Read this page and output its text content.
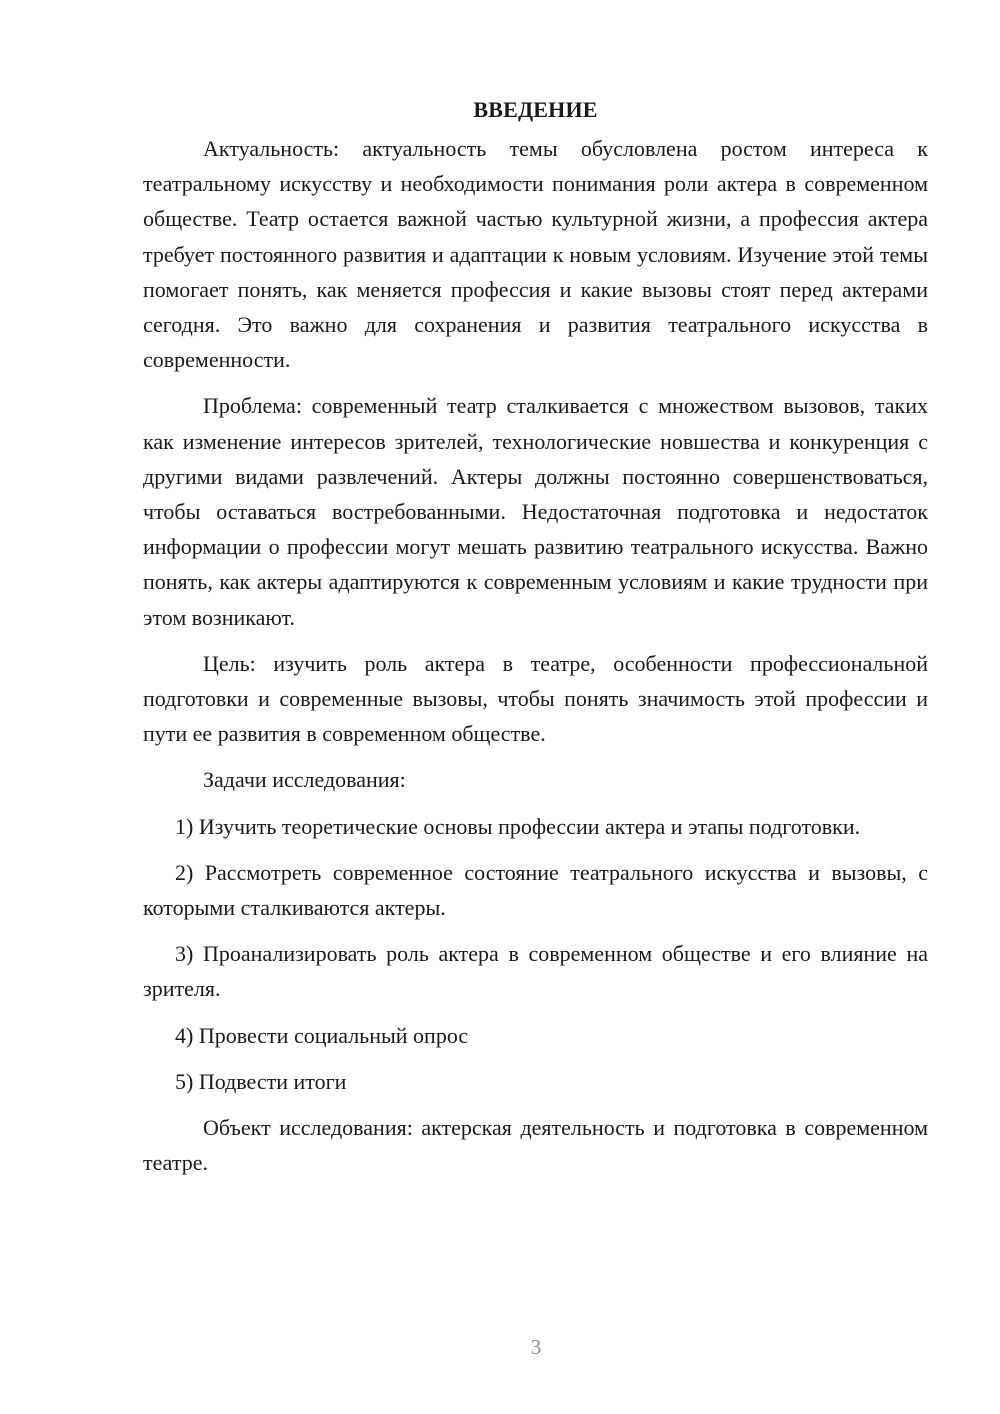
ВВЕДЕНИЕ

Актуальность: актуальность темы обусловлена ростом интереса к театральному искусству и необходимости понимания роли актера в современном обществе. Театр остается важной частью культурной жизни, а профессия актера требует постоянного развития и адаптации к новым условиям. Изучение этой темы помогает понять, как меняется профессия и какие вызовы стоят перед актерами сегодня. Это важно для сохранения и развития театрального искусства в современности.

Проблема: современный театр сталкивается с множеством вызовов, таких как изменение интересов зрителей, технологические новшества и конкуренция с другими видами развлечений. Актеры должны постоянно совершенствоваться, чтобы оставаться востребованными. Недостаточная подготовка и недостаток информации о профессии могут мешать развитию театрального искусства. Важно понять, как актеры адаптируются к современным условиям и какие трудности при этом возникают.

Цель: изучить роль актера в театре, особенности профессиональной подготовки и современные вызовы, чтобы понять значимость этой профессии и пути ее развития в современном обществе.

Задачи исследования:

1) Изучить теоретические основы профессии актера и этапы подготовки.

2) Рассмотреть современное состояние театрального искусства и вызовы, с которыми сталкиваются актеры.

3) Проанализировать роль актера в современном обществе и его влияние на зрителя.

4) Провести социальный опрос

5) Подвести итоги

Объект исследования: актерская деятельность и подготовка в современном театре.

3
